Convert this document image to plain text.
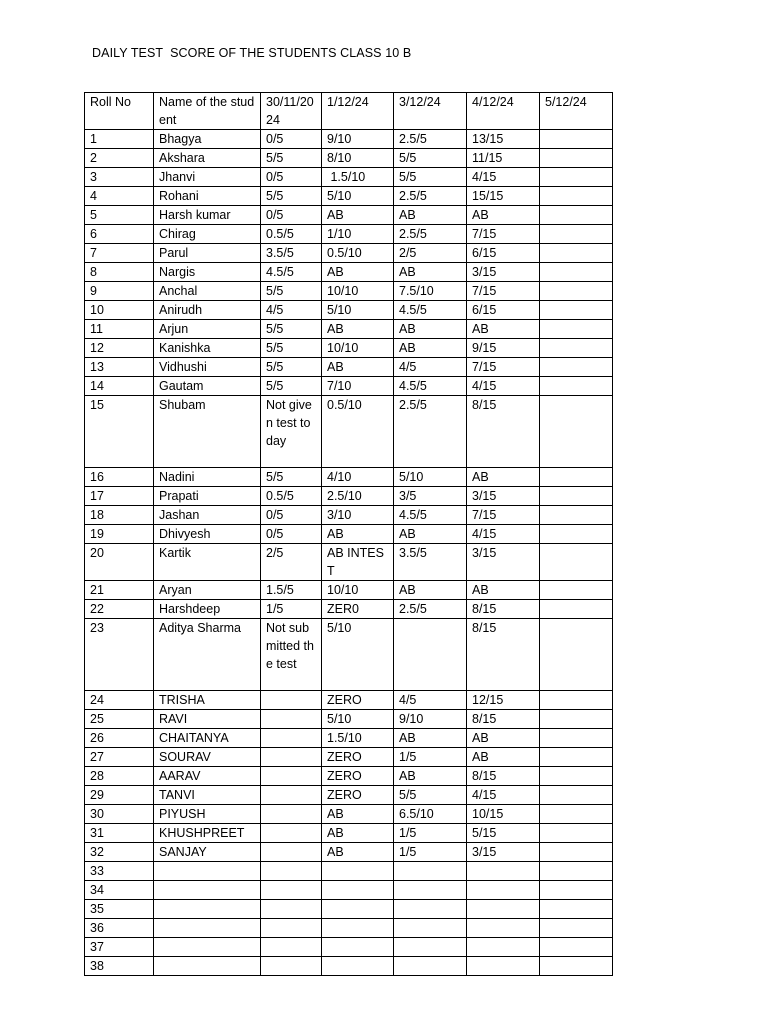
DAILY TEST  SCORE OF THE STUDENTS CLASS 10 B
Roll No	Name of the student	30/11/2024	1/12/24	3/12/24	4/12/24	5/12/24
1	Bhagya	0/5	9/10	2.5/5	13/15	
2	Akshara	5/5	8/10	5/5	11/15	
3	Jhanvi	0/5	1.5/10	5/5	4/15	
4	Rohani	5/5	5/10	2.5/5	15/15	
5	Harsh kumar	0/5	AB	AB	AB	
6	Chirag	0.5/5	1/10	2.5/5	7/15	
7	Parul	3.5/5	0.5/10	2/5	6/15	
8	Nargis	4.5/5	AB	AB	3/15	
9	Anchal	5/5	10/10	7.5/10	7/15	
10	Anirudh	4/5	5/10	4.5/5	6/15	
11	Arjun	5/5	AB	AB	AB	
12	Kanishka	5/5	10/10	AB	9/15	
13	Vidhushi	5/5	AB	4/5	7/15	
14	Gautam	5/5	7/10	4.5/5	4/15	
15	Shubam	Not given test today	0.5/10	2.5/5	8/15	
16	Nadini	5/5	4/10	5/10	AB	
17	Prapati	0.5/5	2.5/10	3/5	3/15	
18	Jashan	0/5	3/10	4.5/5	7/15	
19	Dhivyesh	0/5	AB	AB	4/15	
20	Kartik	2/5	AB INTEST	3.5/5	3/15	
21	Aryan	1.5/5	10/10	AB	AB	
22	Harshdeep	1/5	ZER0	2.5/5	8/15	
23	Aditya Sharma	Not submitted the test	5/10		8/15	
24	TRISHA		ZERO	4/5	12/15	
25	RAVI		5/10	9/10	8/15	
26	CHAITANYA		1.5/10	AB	AB	
27	SOURAV		ZERO	1/5	AB	
28	AARAV		ZERO	AB	8/15	
29	TANVI		ZERO	5/5	4/15	
30	PIYUSH		AB	6.5/10	10/15	
31	KHUSHPREET		AB	1/5	5/15	
32	SANJAY		AB	1/5	3/15	
33						
34						
35						
36						
37						
38						
